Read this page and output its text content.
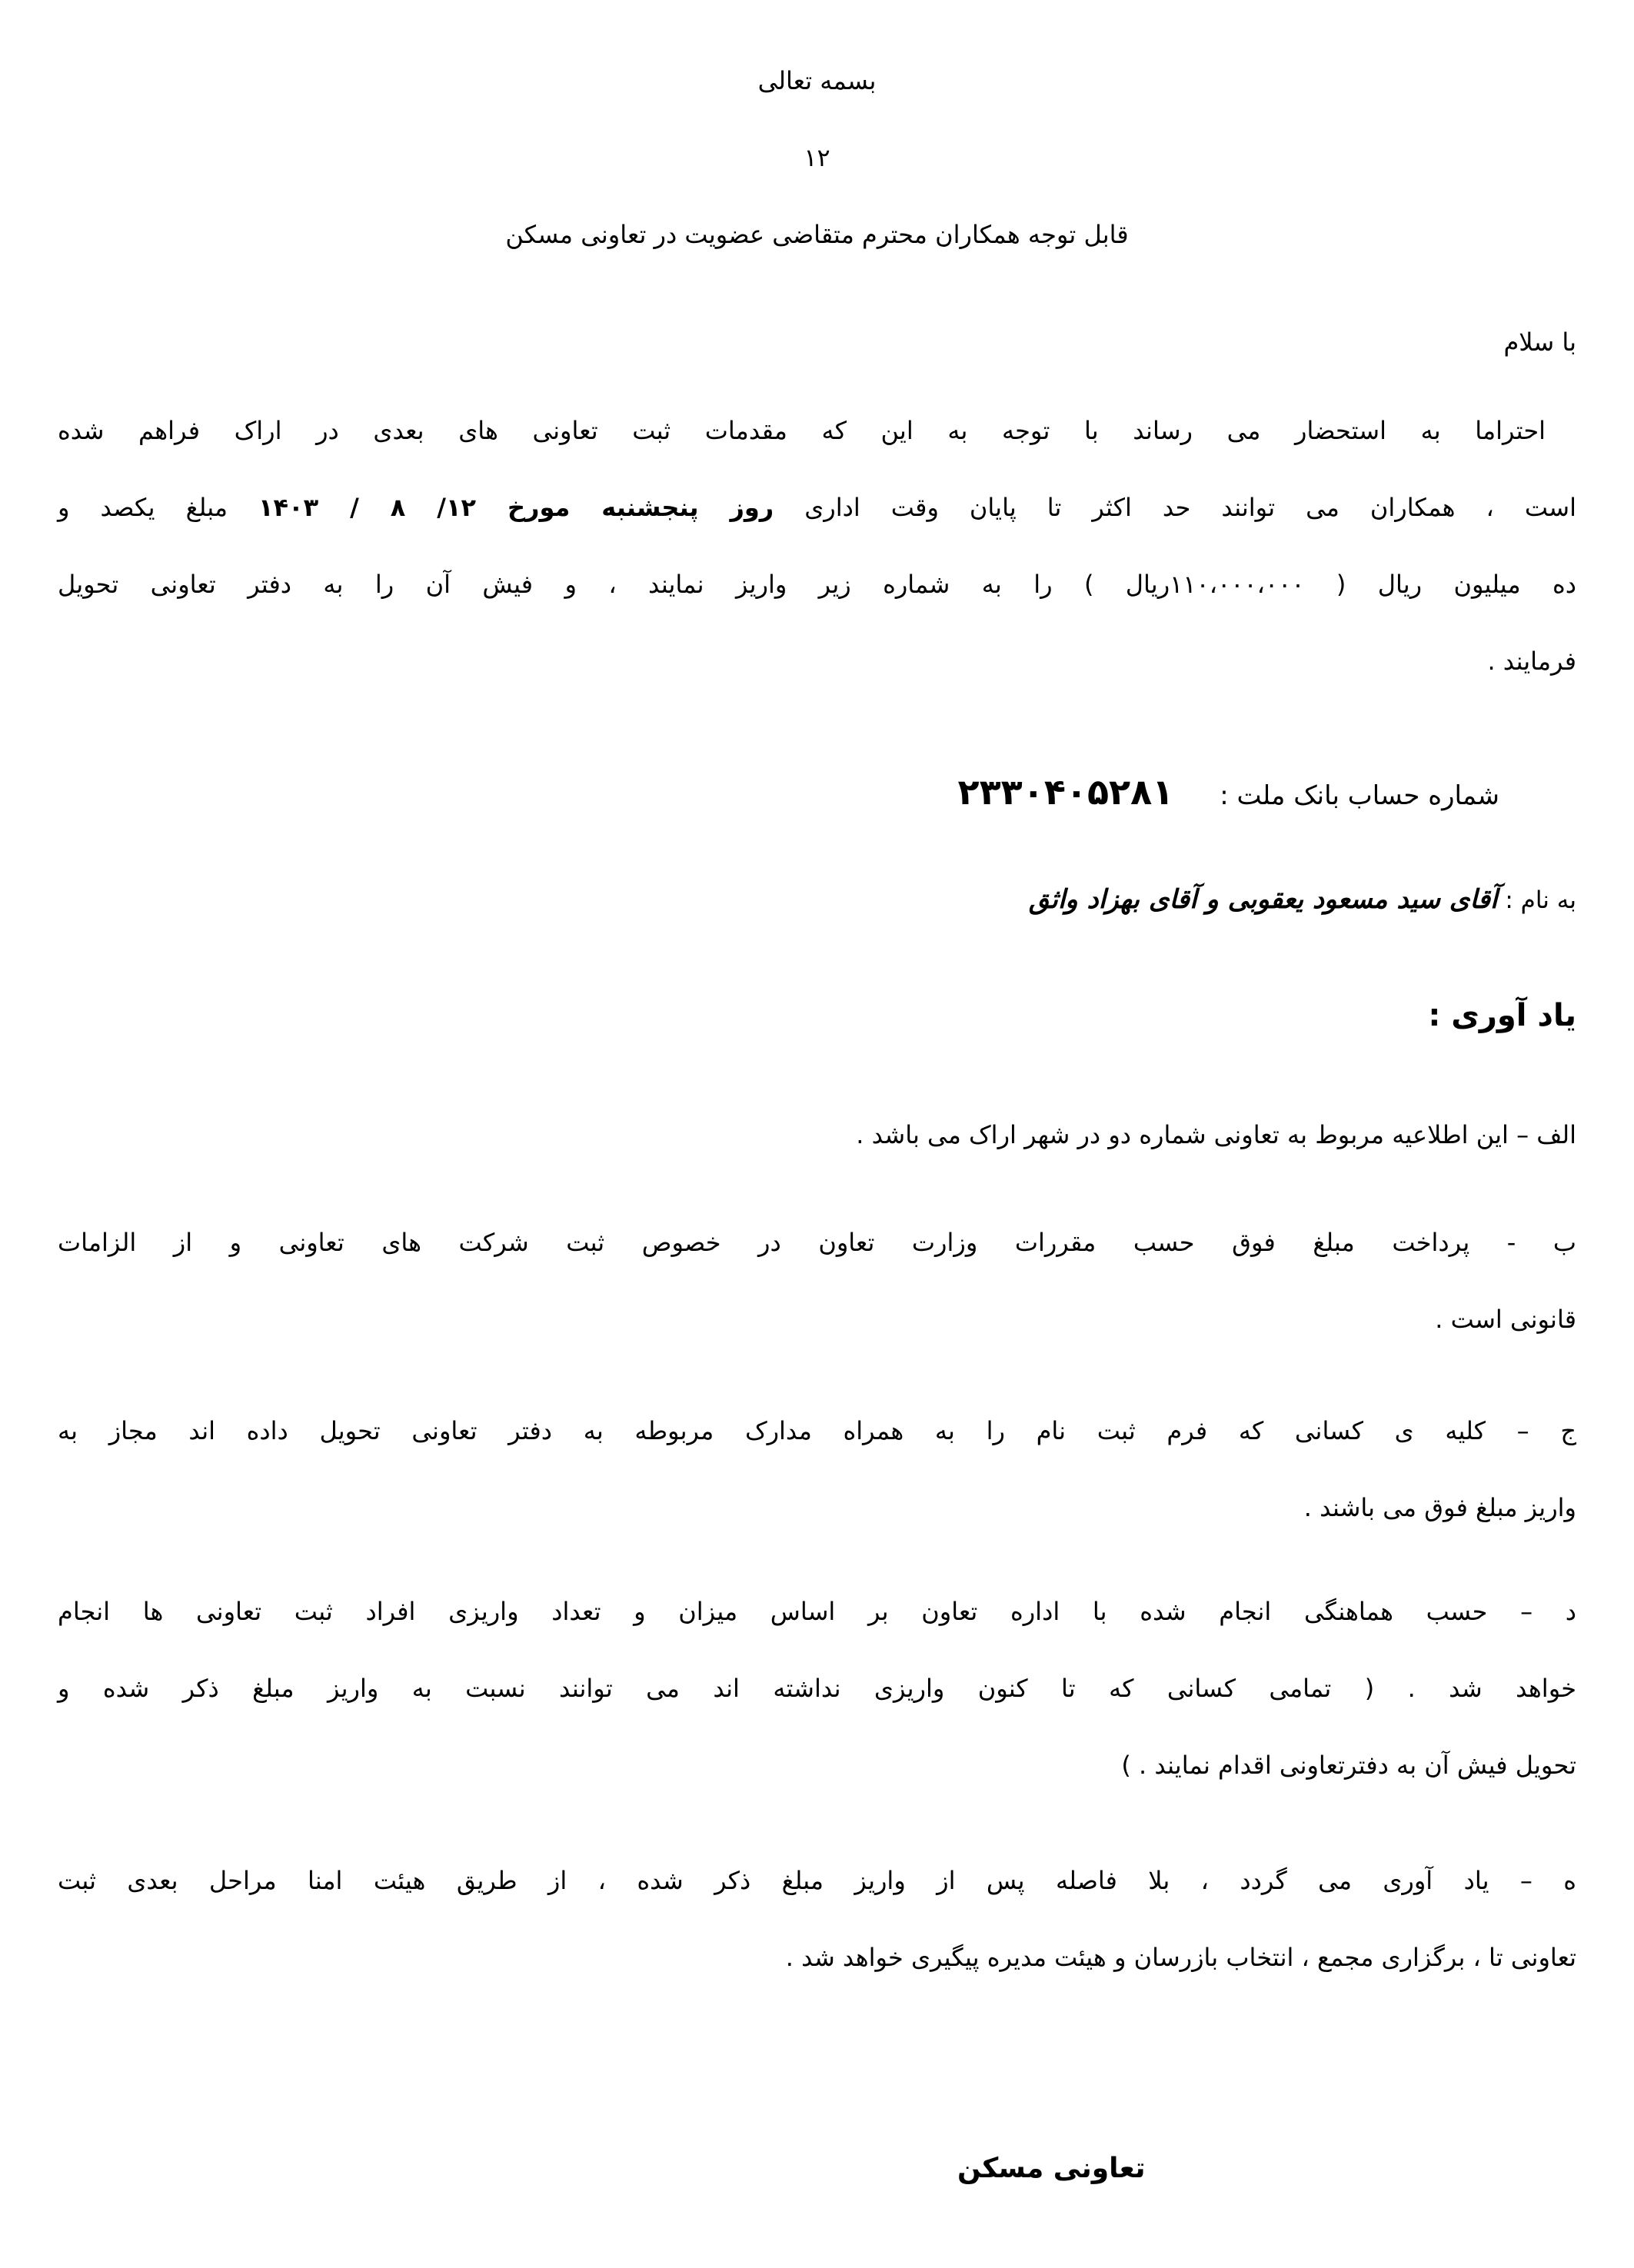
بسمه تعالی
۱۲
قابل توجه همکاران محترم متقاضی عضویت در تعاونی مسکن
با سلام
احتراما به استحضار می رساند با توجه به این که مقدمات ثبت تعاونی های بعدی در اراک فراهم شده
است ، همکاران می توانند حد اکثر تا پایان وقت اداری روز پنجشنبه مورخ ۱۲/ ۸ / ۱۴۰۳ مبلغ یکصد و
ده میلیون ریال ( ۱۱۰،۰۰۰،۰۰۰ریال ) را به شماره زیر واریز نمایند ، و فیش آن را به دفتر تعاونی تحویل
فرمایند .
شماره حساب بانک ملت :۲۳۳۰۴۰۵۲۸۱
به نام : آقای سید مسعود یعقوبی و آقای بهزاد واثق
یاد آوری :
الف – این اطلاعیه مربوط به تعاونی شماره دو در شهر اراک می باشد .
ب - پرداخت مبلغ فوق حسب مقررات وزارت تعاون در خصوص ثبت شرکت های تعاونی و از الزامات
قانونی است .
ج – کلیه ی کسانی که فرم ثبت نام را به همراه مدارک مربوطه به دفتر تعاونی تحویل داده اند مجاز به
واریز مبلغ فوق می باشند .
د – حسب هماهنگی انجام شده با اداره تعاون بر اساس میزان و تعداد واریزی افراد ثبت تعاونی ها انجام
خواهد شد . ( تمامی کسانی که تا کنون واریزی نداشته اند می توانند نسبت به واریز مبلغ ذکر شده و
تحویل فیش آن به دفترتعاونی اقدام نمایند . )
ه – یاد آوری می گردد ، بلا فاصله پس از واریز مبلغ ذکر شده ، از طریق هیئت امنا مراحل بعدی ثبت
تعاونی تا ، برگزاری مجمع ، انتخاب بازرسان و هیئت مدیره پیگیری خواهد شد .
تعاونی مسکن
